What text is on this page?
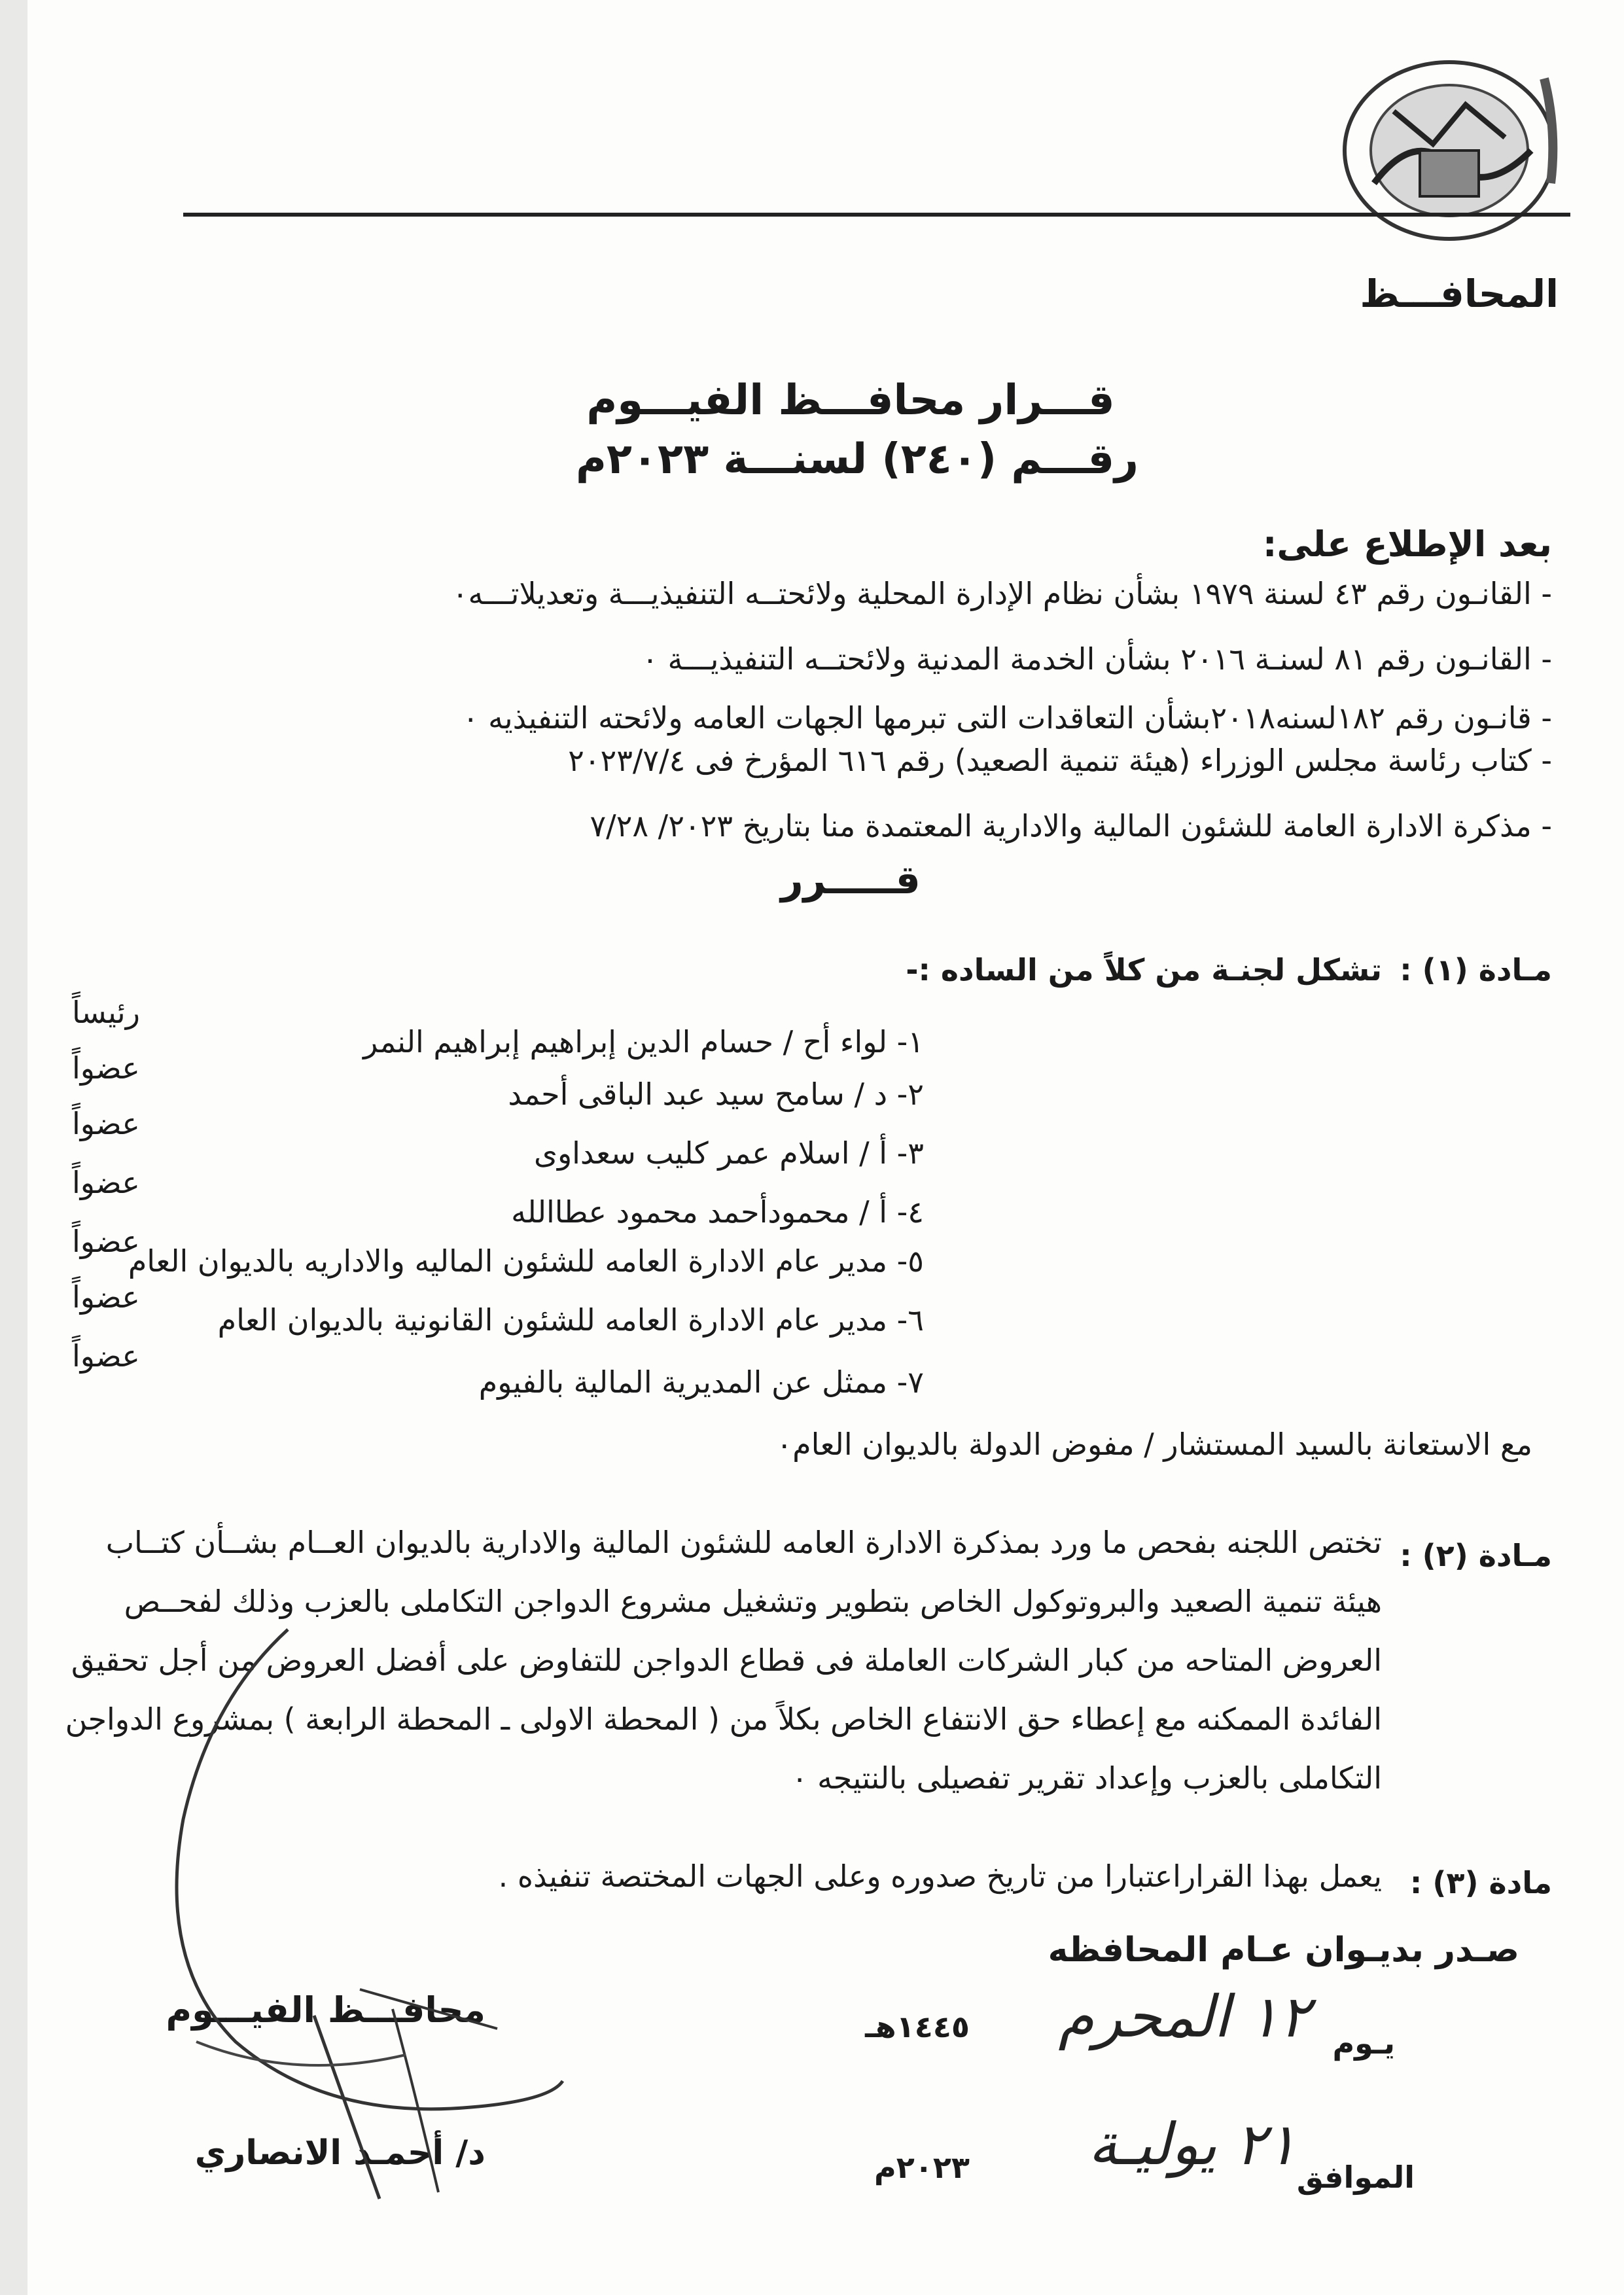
المحافـــظ
قـــرار محافـــظ الفيـــوم
رقـــم (٢٤٠) لسنـــة ٢٠٢٣م
بعد الإطلاع على:
- القانـون رقم ٤٣ لسنة ١٩٧٩ بشأن نظام الإدارة المحلية ولائحتــه التنفيذيـــة وتعديلاتـــه٠
- القانـون رقم ٨١ لسنـة ٢٠١٦ بشأن الخدمة المدنية ولائحتــه التنفيذيـــة ٠
- قانـون رقم ١٨٢لسنه٢٠١٨بشأن التعاقدات التى تبرمها الجهات العامه ولائحته التنفيذيه ٠
- كتاب رئاسة مجلس الوزراء (هيئة تنمية الصعيد) رقم ٦١٦ المؤرخ فى ٢٠٢٣/٧/٤
- مذكرة الادارة العامة للشئون المالية والادارية المعتمدة منا بتاريخ ٢٠٢٣/ ٧/٢٨
قـــــرر
مـادة (١) :
تشكل لجنـة من كلاً من الساده :-
١- لواء أح / حسام الدين إبراهيم إبراهيم النمر
رئيساً
٢- د / سامح سيد عبد الباقى أحمد
عضواً
٣- أ / اسلام عمر كليب سعداوى
عضواً
٤- أ / محمودأحمد محمود عطاالله
عضواً
٥- مدير عام الادارة العامه للشئون الماليه والاداريه بالديوان العام
عضواً
٦- مدير عام الادارة العامه للشئون القانونية بالديوان العام
عضواً
٧- ممثل عن المديرية المالية بالفيوم
عضواً
مع الاستعانة بالسيد المستشار / مفوض الدولة بالديوان العام٠
مـادة (٢) :
تختص اللجنه بفحص ما ورد بمذكرة الادارة العامه للشئون المالية والادارية بالديوان العــام بشــأن كتــاب
هيئة تنمية الصعيد والبروتوكول الخاص بتطوير وتشغيل مشروع الدواجن التكاملى بالعزب وذلك لفحــص
العروض المتاحه من كبار الشركات العاملة فى قطاع الدواجن للتفاوض على أفضل العروض من أجل تحقيق
الفائدة الممكنه مع إعطاء حق الانتفاع الخاص بكلاً من ( المحطة الاولى ـ المحطة الرابعة ) بمشروع الدواجن
التكاملى بالعزب وإعداد تقرير تفصيلى بالنتيجه ٠
مادة (٣) :
يعمل بهذا القراراعتبارا من تاريخ صدوره وعلى الجهات المختصة تنفيذه .
صـدر بديـوان عـام المحافظه
يـوم
١٢ المحرم
١٤٤٥هـ
الموافق
٢١ يوليـة
٢٠٢٣م
محافـــظ الفيـــوم
د/ أحمـد الانصاري
